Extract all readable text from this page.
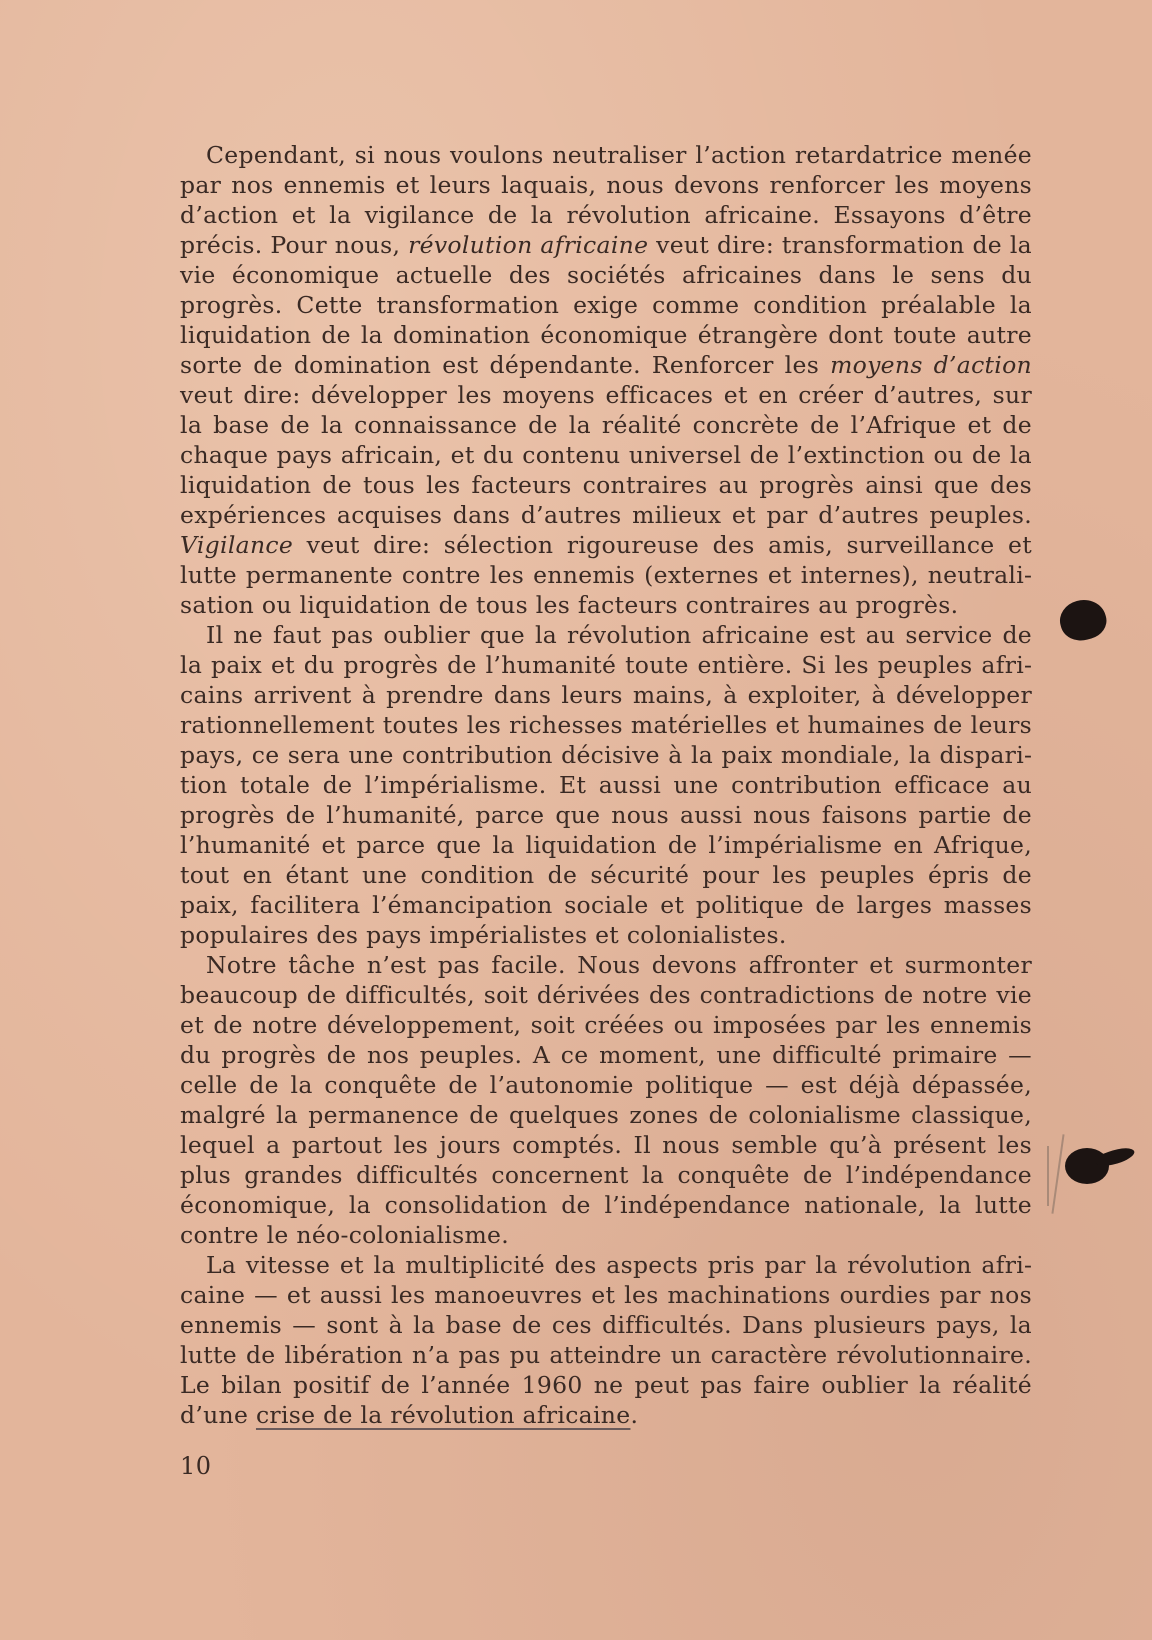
Cependant, si nous voulons neutraliser l’action retardatrice menée par nos ennemis et leurs laquais, nous devons renforcer les moyens d’action et la vigilance de la révolution africaine. Essayons d’être précis. Pour nous, révolution africaine veut dire: transformation de la vie économique actuelle des sociétés africaines dans le sens du progrès. Cette transformation exige comme condition préalable la liquidation de la domination économique étrangère dont toute autre sorte de domination est dépendante. Renforcer les moyens d’action veut dire: développer les moyens efficaces et en créer d’autres, sur la base de la connaissance de la réalité concrète de l’Afrique et de chaque pays africain, et du contenu universel de l’extinction ou de la liquidation de tous les facteurs contraires au progrès ainsi que des expériences acquises dans d’autres milieux et par d’autres peuples. Vigilance veut dire: sélection rigoureuse des amis, surveillance et lutte permanente contre les ennemis (externes et internes), neutralisation ou liquidation de tous les facteurs contraires au progrès.

Il ne faut pas oublier que la révolution africaine est au service de la paix et du progrès de l’humanité toute entière. Si les peuples africains arrivent à prendre dans leurs mains, à exploiter, à développer rationnellement toutes les richesses matérielles et humaines de leurs pays, ce sera une contribution décisive à la paix mondiale, la disparition totale de l’impérialisme. Et aussi une contribution efficace au progrès de l’humanité, parce que nous aussi nous faisons partie de l’humanité et parce que la liquidation de l’impérialisme en Afrique, tout en étant une condition de sécurité pour les peuples épris de paix, facilitera l’émancipation sociale et politique de larges masses populaires des pays impérialistes et colonialistes.

Notre tâche n’est pas facile. Nous devons affronter et surmonter beaucoup de difficultés, soit dérivées des contradictions de notre vie et de notre développement, soit créées ou imposées par les ennemis du progrès de nos peuples. A ce moment, une difficulté primaire — celle de la conquête de l’autonomie politique — est déjà dépassée, malgré la permanence de quelques zones de colonialisme classique, lequel a partout les jours comptés. Il nous semble qu’à présent les plus grandes difficultés concernent la conquête de l’indépendance économique, la consolidation de l’indépendance nationale, la lutte contre le néo-colonialisme.

La vitesse et la multiplicité des aspects pris par la révolution africaine — et aussi les manoeuvres et les machinations ourdies par nos ennemis — sont à la base de ces difficultés. Dans plusieurs pays, la lutte de libération n’a pas pu atteindre un caractère révolutionnaire. Le bilan positif de l’année 1960 ne peut pas faire oublier la réalité d’une crise de la révolution africaine.

10
